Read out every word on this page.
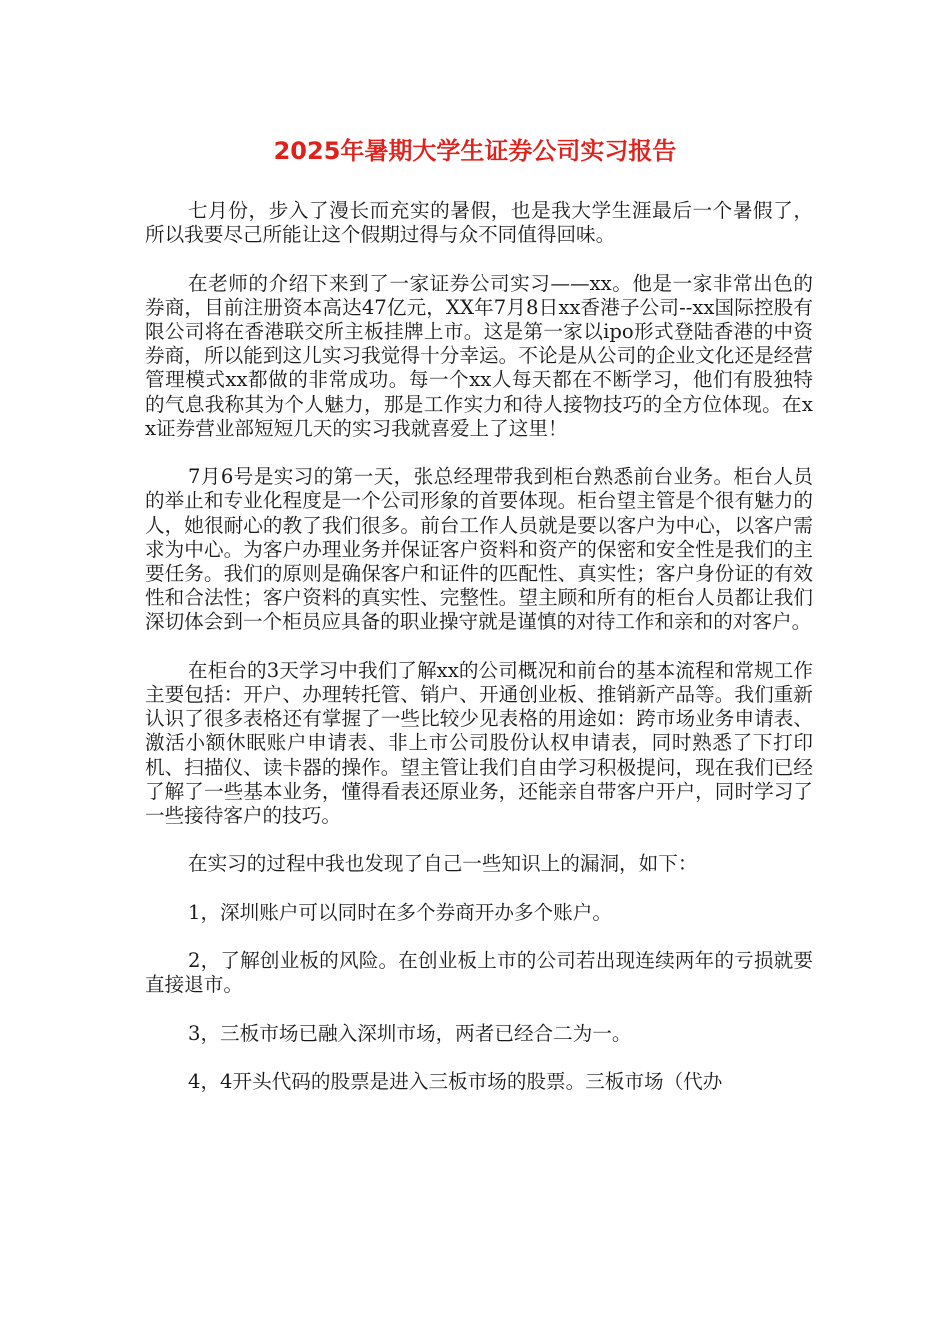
2025年暑期大学生证券公司实习报告

七月份，步入了漫长而充实的暑假，也是我大学生涯最后一个暑假了，所以我要尽己所能让这个假期过得与众不同值得回味。

在老师的介绍下来到了一家证券公司实习——xx。他是一家非常出色的券商，目前注册资本高达47亿元，XX年7月8日xx香港子公司--xx国际控股有限公司将在香港联交所主板挂牌上市。这是第一家以ipo形式登陆香港的中资券商，所以能到这儿实习我觉得十分幸运。不论是从公司的企业文化还是经营管理模式xx都做的非常成功。每一个xx人每天都在不断学习，他们有股独特的气息我称其为个人魅力，那是工作实力和待人接物技巧的全方位体现。在xx证券营业部短短几天的实习我就喜爱上了这里！

7月6号是实习的第一天，张总经理带我到柜台熟悉前台业务。柜台人员的举止和专业化程度是一个公司形象的首要体现。柜台望主管是个很有魅力的人，她很耐心的教了我们很多。前台工作人员就是要以客户为中心，以客户需求为中心。为客户办理业务并保证客户资料和资产的保密和安全性是我们的主要任务。我们的原则是确保客户和证件的匹配性、真实性；客户身份证的有效性和合法性；客户资料的真实性、完整性。望主顾和所有的柜台人员都让我们深切体会到一个柜员应具备的职业操守就是谨慎的对待工作和亲和的对客户。

在柜台的3天学习中我们了解xx的公司概况和前台的基本流程和常规工作主要包括：开户、办理转托管、销户、开通创业板、推销新产品等。我们重新认识了很多表格还有掌握了一些比较少见表格的用途如：跨市场业务申请表、激活小额休眠账户申请表、非上市公司股份认权申请表，同时熟悉了下打印机、扫描仪、读卡器的操作。望主管让我们自由学习积极提问，现在我们已经了解了一些基本业务，懂得看表还原业务，还能亲自带客户开户，同时学习了一些接待客户的技巧。

在实习的过程中我也发现了自己一些知识上的漏洞，如下：

1，深圳账户可以同时在多个券商开办多个账户。

2，了解创业板的风险。在创业板上市的公司若出现连续两年的亏损就要直接退市。

3，三板市场已融入深圳市场，两者已经合二为一。

4，4开头代码的股票是进入三板市场的股票。三板市场（代办
